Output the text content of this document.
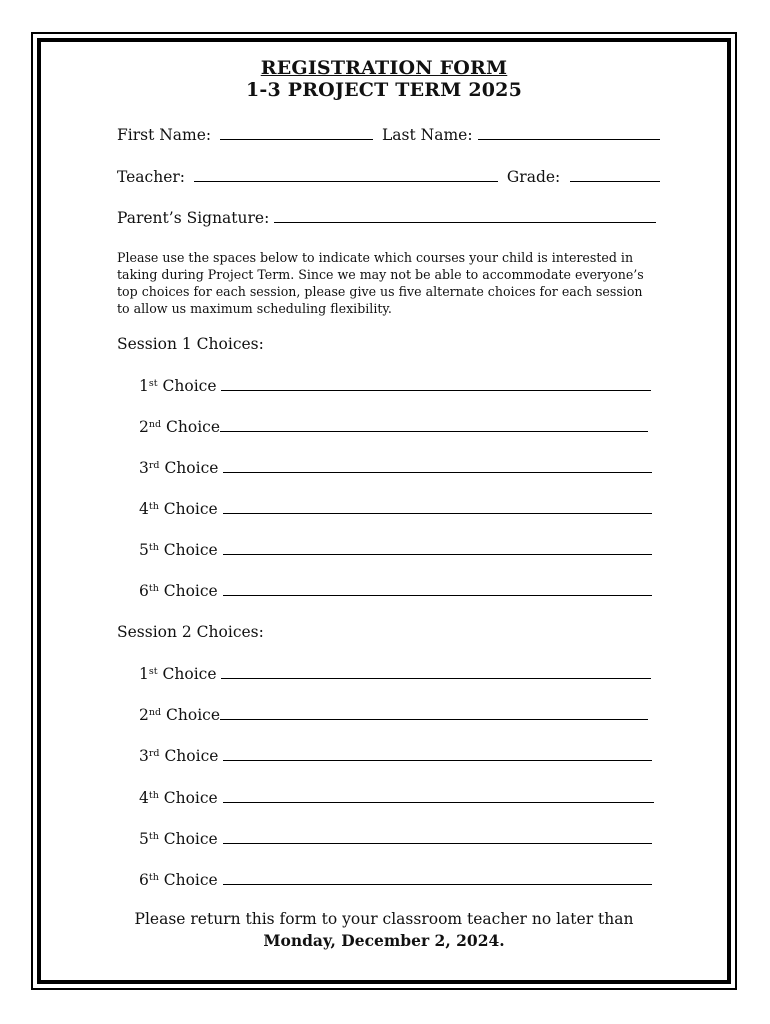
REGISTRATION FORM
1-3 PROJECT TERM 2025
First Name:	Last Name:
Teacher:	Grade:
Parent’s Signature:
Please use the spaces below to indicate which courses your child is interested in taking during Project Term. Since we may not be able to accommodate everyone’s top choices for each session, please give us five alternate choices for each session to allow us maximum scheduling flexibility.
Session 1 Choices:
1st Choice
2nd Choice
3rd Choice
4th Choice
5th Choice
6th Choice
Session 2 Choices:
1st Choice
2nd Choice
3rd Choice
4th Choice
5th Choice
6th Choice
Please return this form to your classroom teacher no later than
Monday, December 2, 2024.
